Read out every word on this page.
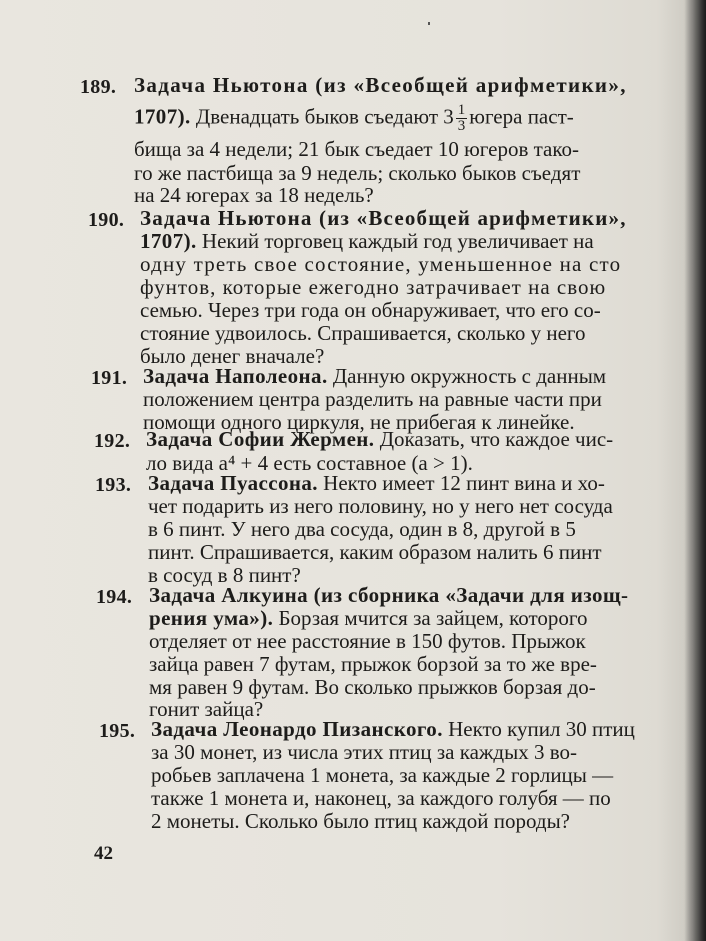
189. Задача Ньютона (из «Всеобщей арифметики»,
1707). Двенадцать быков съедают $3 \frac{1}{3}$ югера паст-
бища за 4 недели; 21 бык съедает 10 югеров тако-
го же пастбища за 9 недель; сколько быков съедят
на 24 югерах за 18 недель?
190. Задача Ньютона (из «Всеобщей арифметики»,
1707). Некий торговец каждый год увеличивает на
одну треть свое состояние, уменьшенное на сто
фунтов, которые ежегодно затрачивает на свою
семью. Через три года он обнаруживает, что его со-
стояние удвоилось. Спрашивается, сколько у него
было денег вначале?
191. Задача Наполеона. Данную окружность с данным
положением центра разделить на равные части при
помощи одного циркуля, не прибегая к линейке.
192. Задача Софии Жермен. Доказать, что каждое чис-
ло вида a⁴ + 4 есть составное (a > 1).
193. Задача Пуассона. Некто имеет 12 пинт вина и хо-
чет подарить из него половину, но у него нет сосуда
в 6 пинт. У него два сосуда, один в 8, другой в 5
пинт. Спрашивается, каким образом налить 6 пинт
в сосуд в 8 пинт?
194. Задача Алкуина (из сборника «Задачи для изощ-
рения ума»). Борзая мчится за зайцем, которого
отделяет от нее расстояние в 150 футов. Прыжок
зайца равен 7 футам, прыжок борзой за то же вре-
мя равен 9 футам. Во сколько прыжков борзая до-
гонит зайца?
195. Задача Леонардо Пизанского. Некто купил 30 птиц
за 30 монет, из числа этих птиц за каждых 3 во-
робьев заплачена 1 монета, за каждые 2 горлицы —
также 1 монета и, наконец, за каждого голубя — по
2 монеты. Сколько было птиц каждой породы?
42
